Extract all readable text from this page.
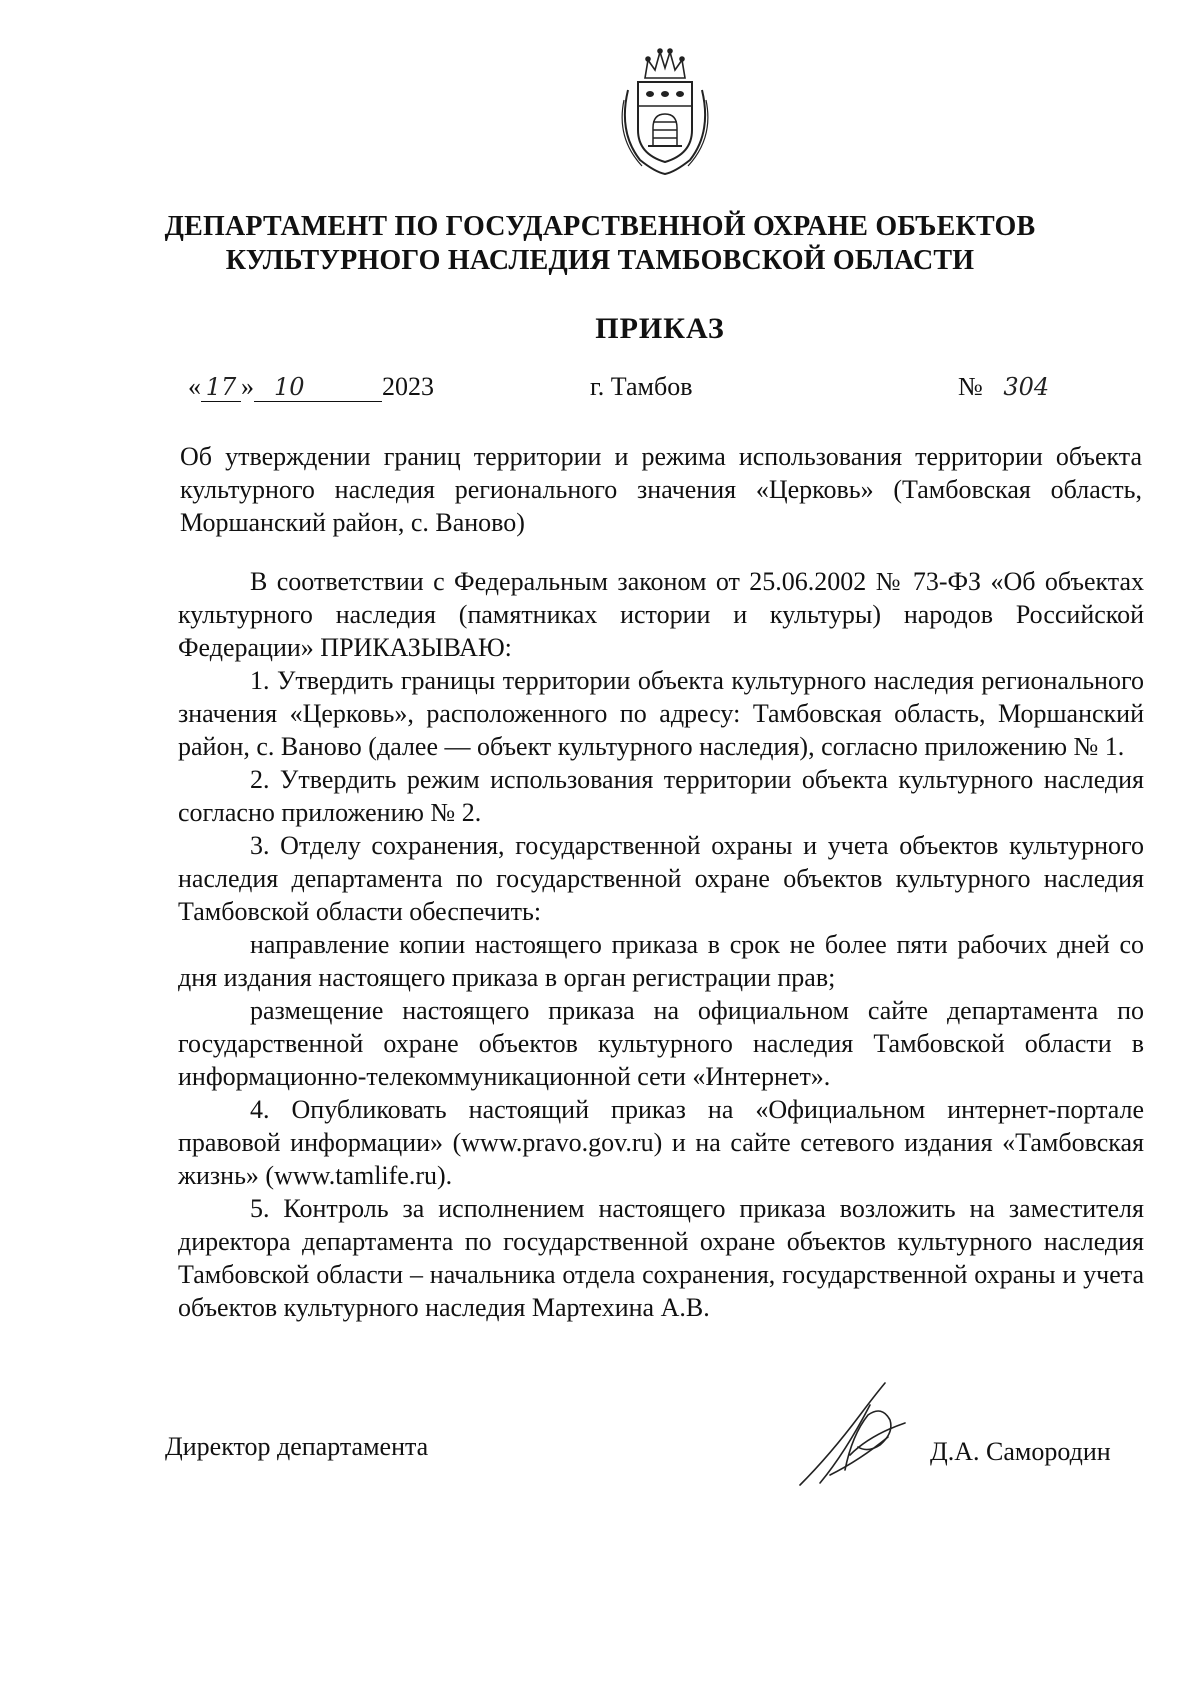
ДЕПАРТАМЕНТ ПО ГОСУДАРСТВЕННОЙ ОХРАНЕ ОБЪЕКТОВ
КУЛЬТУРНОГО НАСЛЕДИЯ ТАМБОВСКОЙ ОБЛАСТИ
ПРИКАЗ
« 17 » 10	2023	г. Тамбов	№ 304
Об утверждении границ территории и режима использования территории объекта культурного наследия регионального значения «Церковь» (Тамбовская область, Моршанский район, с. Ваново)

В соответствии с Федеральным законом от 25.06.2002 № 73-ФЗ «Об объектах культурного наследия (памятниках истории и культуры) народов Российской Федерации» ПРИКАЗЫВАЮ:

1. Утвердить границы территории объекта культурного наследия регионального значения «Церковь», расположенного по адресу: Тамбовская область, Моршанский район, с. Ваново (далее — объект культурного наследия), согласно приложению № 1.

2. Утвердить режим использования территории объекта культурного наследия согласно приложению № 2.

3. Отделу сохранения, государственной охраны и учета объектов культурного наследия департамента по государственной охране объектов культурного наследия Тамбовской области обеспечить:

направление копии настоящего приказа в срок не более пяти рабочих дней со дня издания настоящего приказа в орган регистрации прав;

размещение настоящего приказа на официальном сайте департамента по государственной охране объектов культурного наследия Тамбовской области в информационно-телекоммуникационной сети «Интернет».

4. Опубликовать настоящий приказ на «Официальном интернет-портале правовой информации» (www.pravo.gov.ru) и на сайте сетевого издания «Тамбовская жизнь» (www.tamlife.ru).

5. Контроль за исполнением настоящего приказа возложить на заместителя директора департамента по государственной охране объектов культурного наследия Тамбовской области – начальника отдела сохранения, государственной охраны и учета объектов культурного наследия Мартехина А.В.

Директор департамента	Д.А. Самородин
